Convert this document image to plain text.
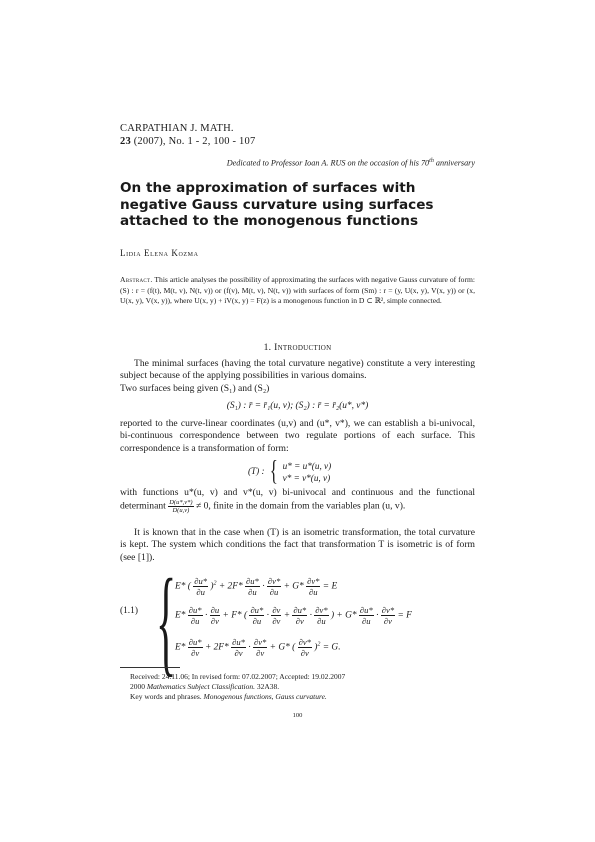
CARPATHIAN J. MATH.
23 (2007), No. 1 - 2, 100 - 107
Dedicated to Professor Ioan A. RUS on the occasion of his 70th anniversary
On the approximation of surfaces with negative Gauss curvature using surfaces attached to the monogenous functions
Lidia Elena Kozma
Abstract. This article analyses the possibility of approximating the surfaces with negative Gauss curvature of form: (S) : r = (f(t), M(t, v), N(t, v)) or (f(v), M(t, v), N(t, v)) with surfaces of form (Sm) : r = (y, U(x, y), V(x, y)) or (x, U(x, y), V(x, y)), where U(x, y) + iV(x, y) = F(z) is a monogenous function in D ⊂ ℝ², simple connected.
1. Introduction
The minimal surfaces (having the total curvature negative) constitute a very interesting subject because of the applying possibilities in various domains.
Two surfaces being given (S₁) and (S₂)
(S₁) : r̄ = r̄₁(u, v); (S₂) : r̄ = r̄₂(u*, v*)
reported to the curve-linear coordinates (u,v) and (u*, v*), we can establish a bi-univocal, bi-continuous correspondence between two regulate portions of each surface. This correspondence is a transformation of form:
(T) : { u* = u*(u, v)
v* = v*(u, v)
with functions u*(u, v) and v*(u, v) bi-univocal and continuous and the functional determinant $\frac{D(u*,v*)}{D(u,v)} \ne 0$, finite in the domain from the variables plan (u, v).
It is known that in the case when (T) is an isometric transformation, the total curvature is kept. The system which conditions the fact that transformation T is isometric is of form (see [1]).
(1.1) {
E* ( $\frac{\partial u*}{\partial u} )^2 + 2F* \frac{\partial u*}{\partial u} \cdot \frac{\partial v*}{\partial u} + G* \frac{\partial v*}{\partial u} = E$
$E* \frac{\partial u*}{\partial u} \cdot \frac{\partial u}{\partial v} + F*$ ( $\frac{\partial u*}{\partial u} \cdot \frac{\partial v}{\partial v} + \frac{\partial u*}{\partial v} \cdot \frac{\partial v*}{\partial u}$ ) + $G* \frac{\partial u*}{\partial u} \cdot \frac{\partial v*}{\partial v} = F$
$E* \frac{\partial u*}{\partial v} + 2F* \frac{\partial u*}{\partial v} \cdot \frac{\partial v*}{\partial v} + G*$ ( $\frac{\partial v*}{\partial v} )^2 = G$.
Received: 24.11.06; In revised form: 07.02.2007; Accepted: 19.02.2007
2000 Mathematics Subject Classification. 32A38.
Key words and phrases. Monogenous functions, Gauss curvature.
100
